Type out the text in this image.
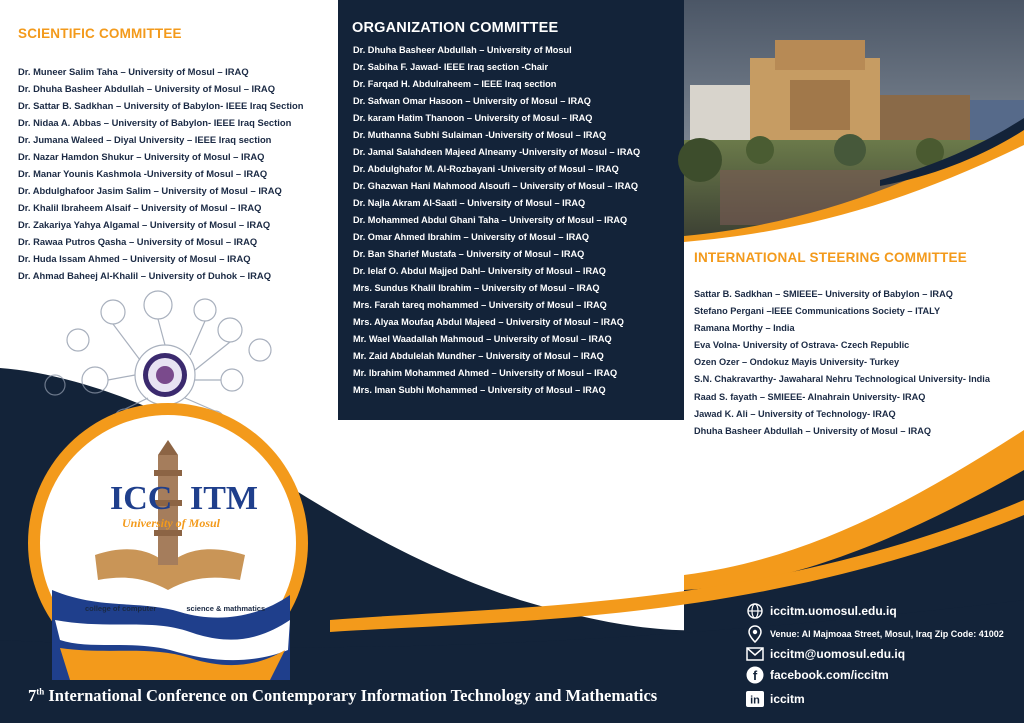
ICC ITM
University of Mosul
college of computer	science & mathmatics
SCIENTIFIC COMMITTEE
Dr. Muneer Salim Taha – University of Mosul – IRAQ
Dr. Dhuha Basheer Abdullah – University of Mosul – IRAQ
Dr. Sattar B. Sadkhan – University of Babylon- IEEE Iraq Section
Dr. Nidaa A. Abbas – University of Babylon- IEEE Iraq Section
Dr. Jumana Waleed – Diyal University – IEEE Iraq section
Dr. Nazar Hamdon Shukur – University of Mosul – IRAQ
Dr. Manar Younis Kashmola -University of Mosul – IRAQ
Dr. Abdulghafoor Jasim Salim – University of Mosul – IRAQ
Dr. Khalil Ibraheem Alsaif – University of Mosul – IRAQ
Dr. Zakariya Yahya Algamal – University of Mosul – IRAQ
Dr. Rawaa Putros Qasha – University of Mosul – IRAQ
Dr. Huda Issam Ahmed – University of Mosul – IRAQ
Dr. Ahmad Baheej Al-Khalil – University of Duhok – IRAQ
ORGANIZATION COMMITTEE
Dr. Dhuha Basheer Abdullah – University of Mosul
Dr. Sabiha F. Jawad- IEEE Iraq section -Chair
Dr. Farqad H. Abdulraheem – IEEE Iraq section
Dr. Safwan Omar Hasoon – University of Mosul – IRAQ
Dr. karam Hatim Thanoon – University of Mosul – IRAQ
Dr. Muthanna Subhi Sulaiman -University of Mosul – IRAQ
Dr. Jamal Salahdeen Majeed Alneamy -University of Mosul – IRAQ
Dr. Abdulghafor M. Al-Rozbayani -University of Mosul – IRAQ
Dr. Ghazwan Hani Mahmood Alsoufi – University of Mosul – IRAQ
Dr. Najla Akram Al-Saati – University of Mosul – IRAQ
Dr. Mohammed Abdul Ghani Taha – University of Mosul – IRAQ
Dr. Omar Ahmed Ibrahim – University of Mosul – IRAQ
Dr. Ban Sharief Mustafa – University of Mosul – IRAQ
Dr. Ielaf O. Abdul Majjed Dahl– University of Mosul – IRAQ
Mrs. Sundus Khalil Ibrahim – University of Mosul – IRAQ
Mrs. Farah tareq mohammed – University of Mosul – IRAQ
Mrs. Alyaa Moufaq Abdul Majeed – University of Mosul – IRAQ
Mr. Wael Waadallah Mahmoud – University of Mosul – IRAQ
Mr. Zaid Abdulelah Mundher – University of Mosul – IRAQ
Mr. Ibrahim Mohammed Ahmed – University of Mosul – IRAQ
Mrs. Iman Subhi Mohammed – University of Mosul – IRAQ
INTERNATIONAL STEERING COMMITTEE
Sattar B. Sadkhan – SMIEEE– University of Babylon – IRAQ
Stefano Pergani –IEEE Communications Society – ITALY
Ramana Morthy – India
Eva Volna- University of Ostrava- Czech Republic
Ozen Ozer – Ondokuz Mayis University- Turkey
S.N. Chakravarthy- Jawaharal Nehru Technological University- India
Raad S. fayath – SMIEEE- Alnahrain University- IRAQ
Jawad K. Ali – University of Technology- IRAQ
Dhuha Basheer Abdullah – University of Mosul – IRAQ
iccitm.uomosul.edu.iq
Venue: Al Majmoaa Street, Mosul, Iraq Zip Code: 41002
iccitm@uomosul.edu.iq
f facebook.com/iccitm
in iccitm
7th International Conference on Contemporary Information Technology and Mathematics
